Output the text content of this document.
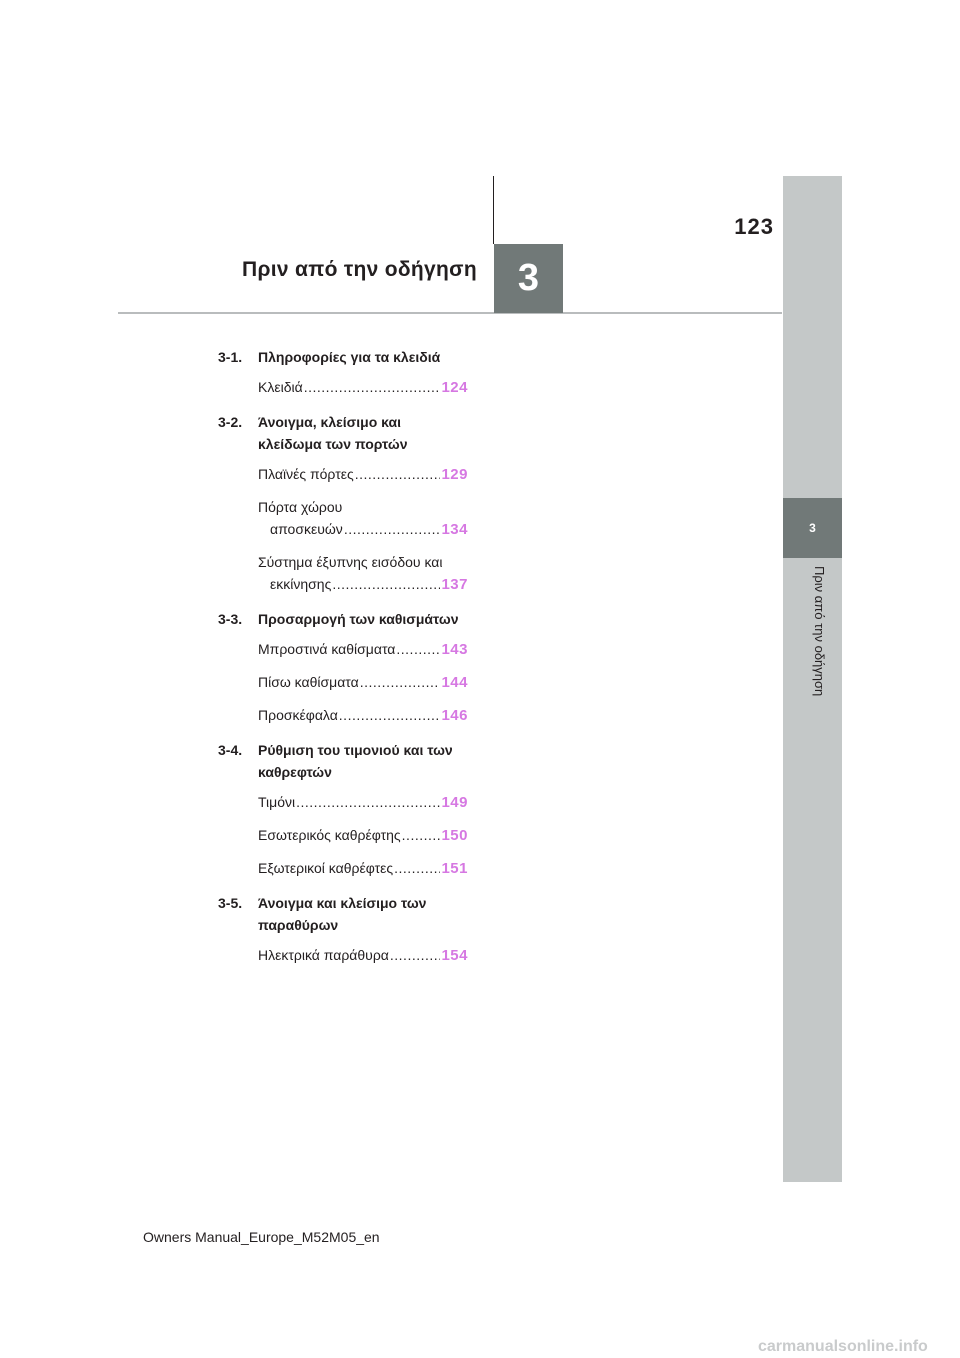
123
3
Πριν από την οδήγηση
3
Πριν από την οδήγηση
3-1.	Πληροφορίες για τα κλειδιά
Κλειδιά .....	124
3-2.	Άνοιγμα, κλείσιμο και κλείδωμα των πορτών
Πλαϊνές πόρτες .....	129
Πόρτα χώρου
αποσκευών .....	134
Σύστημα έξυπνης εισόδου και
εκκίνησης .....	137
3-3.	Προσαρμογή των καθισμάτων
Μπροστινά καθίσματα .....	143
Πίσω καθίσματα .....	144
Προσκέφαλα .....	146
3-4.	Ρύθμιση του τιμονιού και των καθρεφτών
Τιμόνι .....	149
Εσωτερικός καθρέφτης .....	150
Εξωτερικοί καθρέφτες .....	151
3-5.	Άνοιγμα και κλείσιμο των παραθύρων
Ηλεκτρικά παράθυρα .....	154
Owners Manual_Europe_M52M05_en
carmanualsonline.info
